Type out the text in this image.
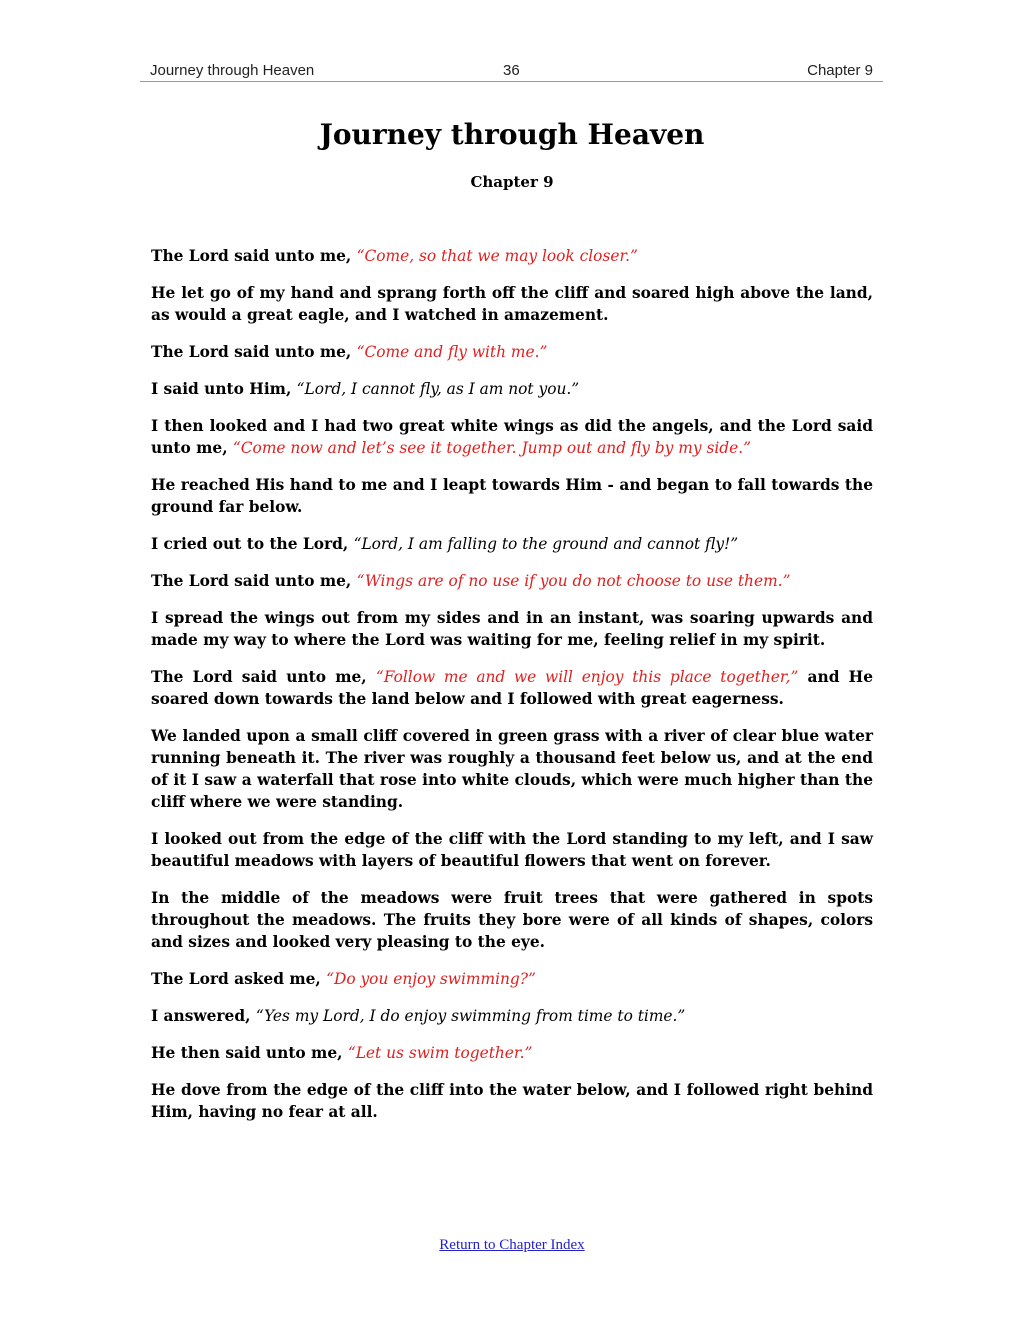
Journey through Heaven	36	Chapter 9
Journey through Heaven
Chapter 9

The Lord said unto me, “Come, so that we may look closer.”

He let go of my hand and sprang forth off the cliff and soared high above the land, as would a great eagle, and I watched in amazement.

The Lord said unto me, “Come and fly with me.”

I said unto Him, “Lord, I cannot fly, as I am not you.”

I then looked and I had two great white wings as did the angels, and the Lord said unto me, “Come now and let’s see it together. Jump out and fly by my side.”

He reached His hand to me and I leapt towards Him - and began to fall towards the ground far below.

I cried out to the Lord, “Lord, I am falling to the ground and cannot fly!”

The Lord said unto me, “Wings are of no use if you do not choose to use them.”

I spread the wings out from my sides and in an instant, was soaring upwards and made my way to where the Lord was waiting for me, feeling relief in my spirit.

The Lord said unto me, “Follow me and we will enjoy this place together,” and He soared down towards the land below and I followed with great eagerness.

We landed upon a small cliff covered in green grass with a river of clear blue water running beneath it. The river was roughly a thousand feet below us, and at the end of it I saw a waterfall that rose into white clouds, which were much higher than the cliff where we were standing.

I looked out from the edge of the cliff with the Lord standing to my left, and I saw beautiful meadows with layers of beautiful flowers that went on forever.

In the middle of the meadows were fruit trees that were gathered in spots throughout the meadows. The fruits they bore were of all kinds of shapes, colors and sizes and looked very pleasing to the eye.

The Lord asked me, “Do you enjoy swimming?”

I answered, “Yes my Lord, I do enjoy swimming from time to time.”

He then said unto me, “Let us swim together.”

He dove from the edge of the cliff into the water below, and I followed right behind Him, having no fear at all.

Return to Chapter Index
